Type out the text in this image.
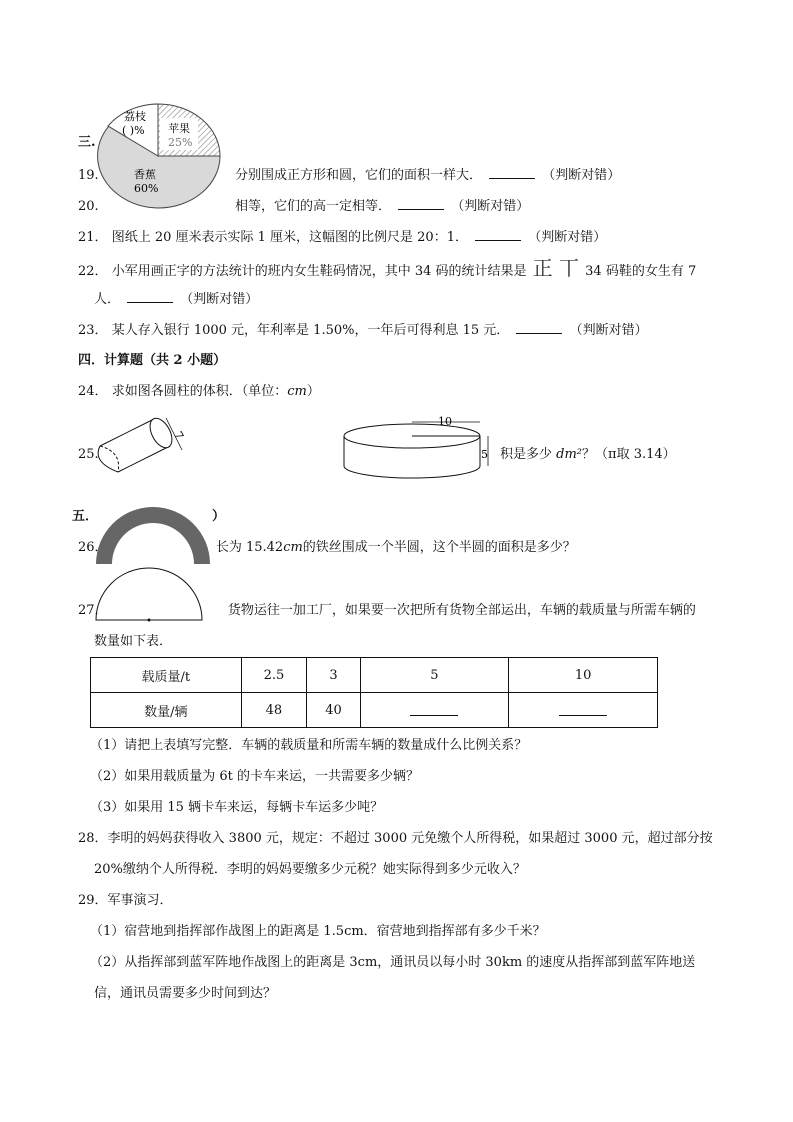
三.
荔枝
( )% 苹果
25%
香蕉
60%
19.	分别围成正方形和圆，它们的面积一样大．	（判断对错）
20.	相等，它们的高一定相等．	（判断对错）
21． 图纸上 20 厘米表示实际 1 厘米，这幅图的比例尺是 20：1．	（判断对错）
22． 小军用画正字的方法统计的班内女生鞋码情况，其中 34 码的统计结果是 正 丅 34 码鞋的女生有 7
人．	（判断对错）
23． 某人存入银行 1000 元，年利率是 1.50%，一年后可得利息 15 元．	（判断对错）
四．计算题（共 2 小题）
24． 求如图各圆柱的体积．（单位：cm）
25.
7
10
5 积是多少 dm²？（π取 3.14）
五．	）
26．	长为 15.42cm的铁丝围成一个半圆，这个半圆的面积是多少？
27．	货物运往一加工厂，如果要一次把所有货物全部运出，车辆的载质量与所需车辆的
数量如下表．
载质量/t	2.5	3	5	10
数量/辆	48	40		
（1）请把上表填写完整．车辆的载质量和所需车辆的数量成什么比例关系？
（2）如果用载质量为 6t 的卡车来运，一共需要多少辆？
（3）如果用 15 辆卡车来运，每辆卡车运多少吨？
28．李明的妈妈获得收入 3800 元，规定：不超过 3000 元免缴个人所得税，如果超过 3000 元，超过部分按
20%缴纳个人所得税．李明的妈妈要缴多少元税？她实际得到多少元收入？
29．军事演习．
（1）宿营地到指挥部作战图上的距离是 1.5cm．宿营地到指挥部有多少千米？
（2）从指挥部到蓝军阵地作战图上的距离是 3cm，通讯员以每小时 30km 的速度从指挥部到蓝军阵地送
信，通讯员需要多少时间到达？
